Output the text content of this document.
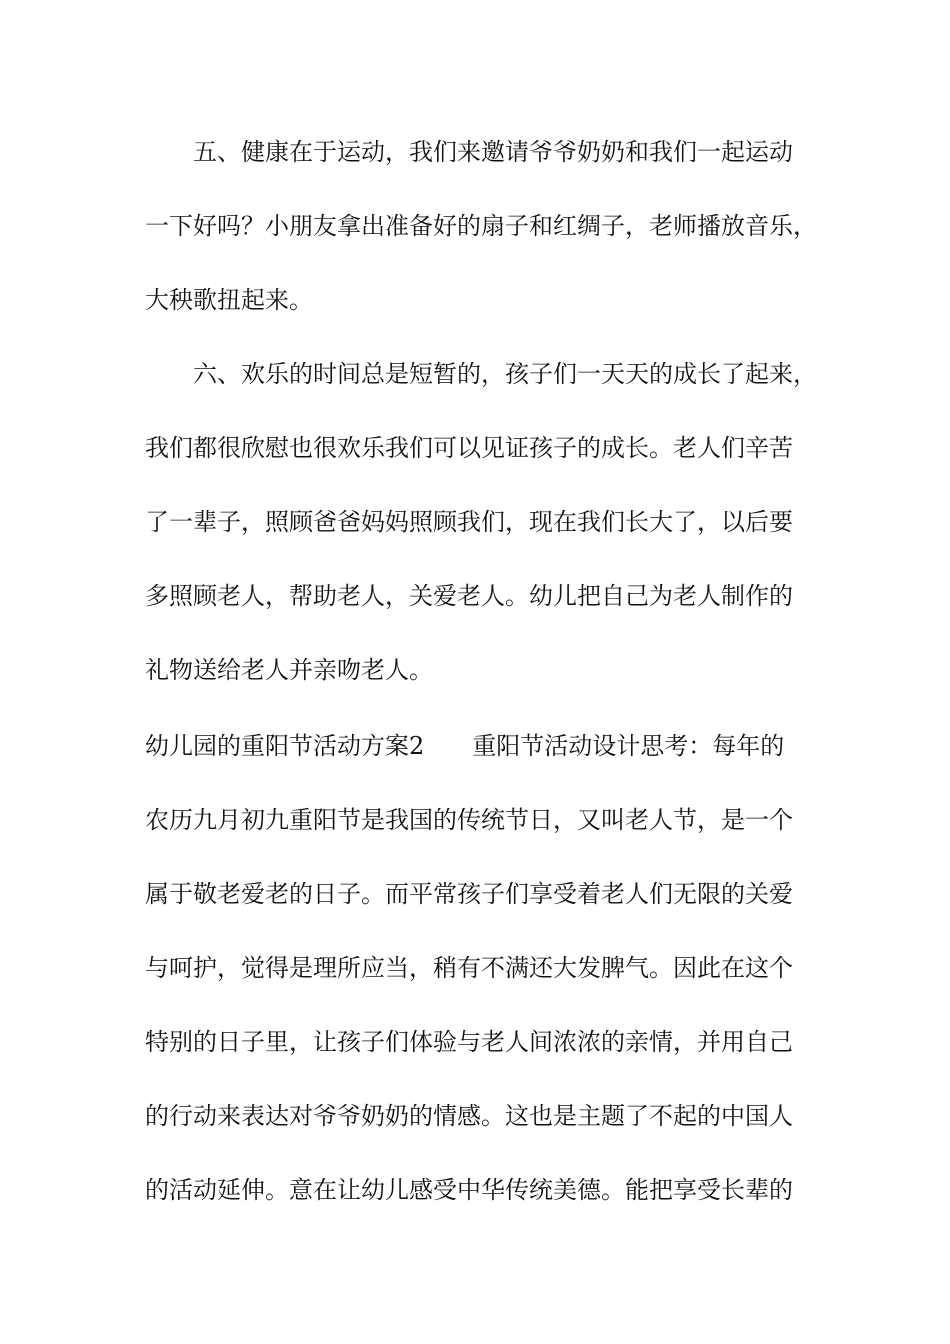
五、健康在于运动，我们来邀请爷爷奶奶和我们一起运动
一下好吗？小朋友拿出准备好的扇子和红绸子，老师播放音乐，
大秧歌扭起来。
六、欢乐的时间总是短暂的，孩子们一天天的成长了起来，
我们都很欣慰也很欢乐我们可以见证孩子的成长。老人们辛苦
了一辈子，照顾爸爸妈妈照顾我们，现在我们长大了，以后要
多照顾老人，帮助老人，关爱老人。幼儿把自己为老人制作的
礼物送给老人并亲吻老人。
幼儿园的重阳节活动方案2 重阳节活动设计思考：每年的
农历九月初九重阳节是我国的传统节日，又叫老人节，是一个
属于敬老爱老的日子。而平常孩子们享受着老人们无限的关爱
与呵护，觉得是理所应当，稍有不满还大发脾气。因此在这个
特别的日子里，让孩子们体验与老人间浓浓的亲情，并用自己
的行动来表达对爷爷奶奶的情感。这也是主题了不起的中国人
的活动延伸。意在让幼儿感受中华传统美德。能把享受长辈的
